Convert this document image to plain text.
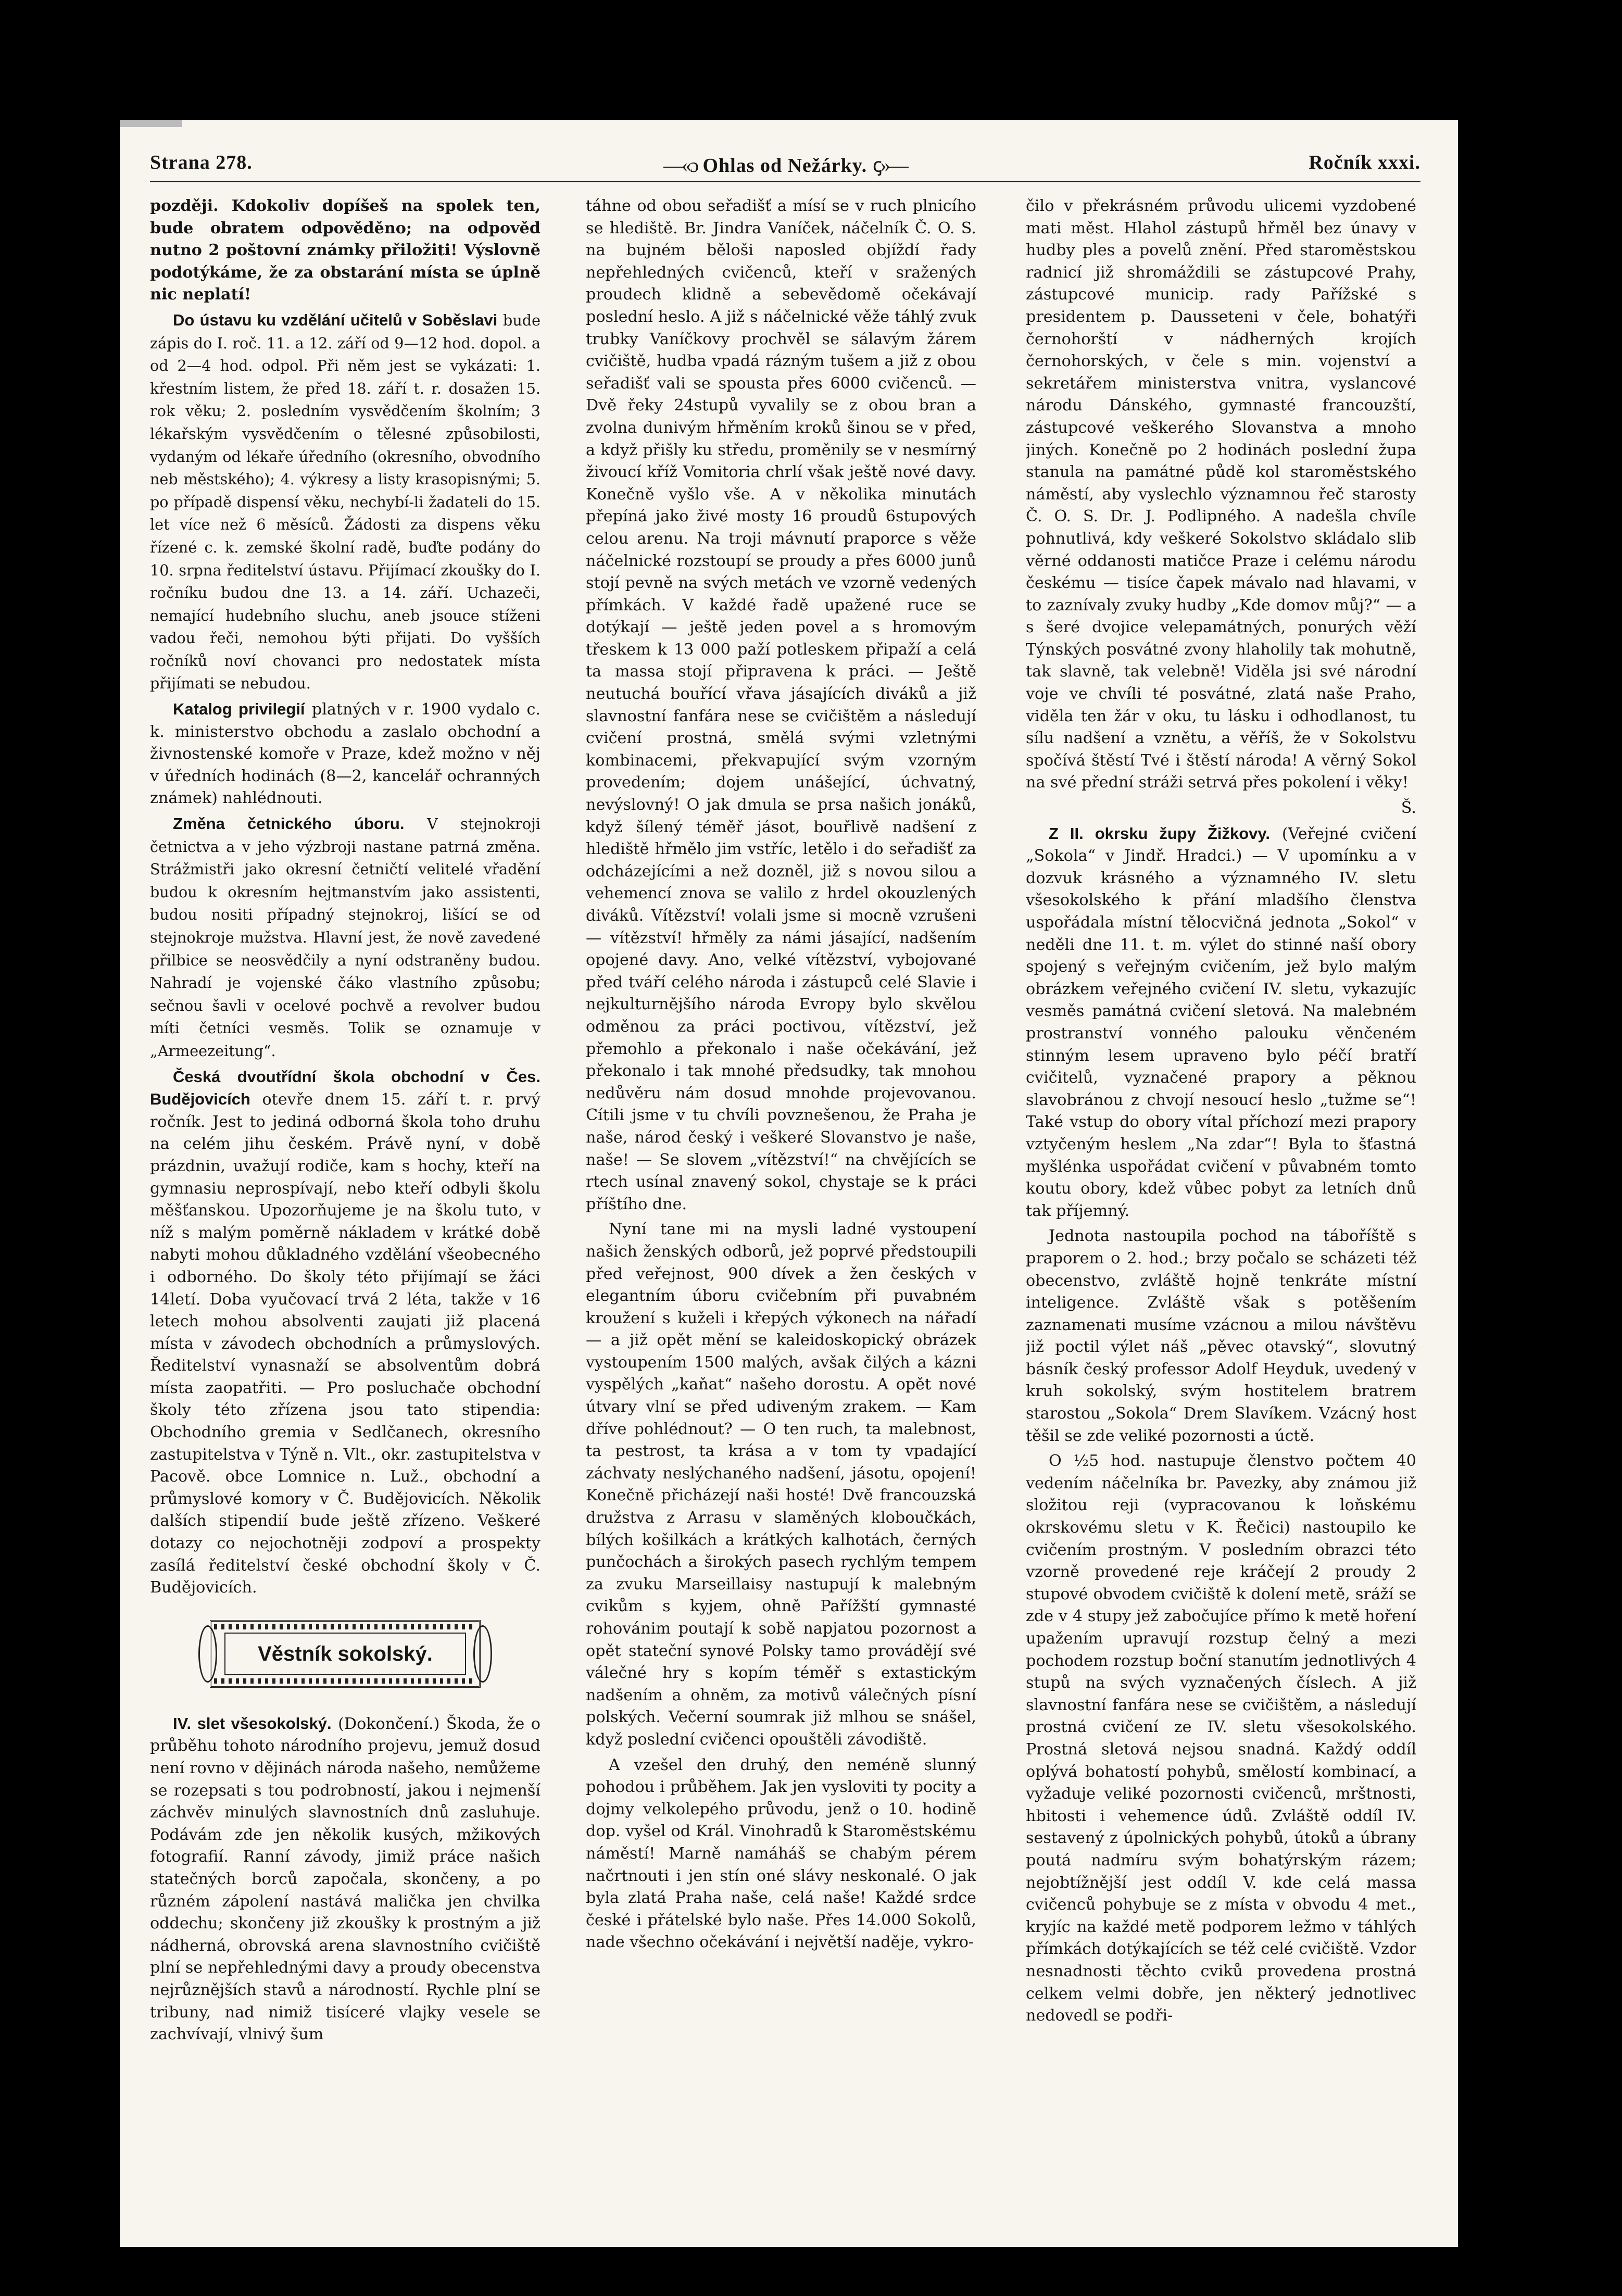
Strana 278.	—«ɔ Ohlas od Nežárky. ꞔ»—	Ročník xxxi.

později. Kdokoliv dopíšeš na spolek ten, bude obratem odpověděno; na odpověď nutno 2 poštovní známky přiložiti! Výslovně podotýkáme, že za obstarání místa se úplně nic neplatí!

Do ústavu ku vzdělání učitelů v Soběslavi bude zápis do I. roč. 11. a 12. září od 9—12 hod. dopol. a od 2—4 hod. odpol. Při něm jest se vykázati: 1. křestním listem, že před 18. září t. r. dosažen 15. rok věku; 2. posledním vysvědčením školním; 3 lékařským vysvědčením o tělesné způsobilosti, vydaným od lékaře úředního (okresního, obvodního neb městského); 4. výkresy a listy krasopisnými; 5. po případě dispensí věku, nechybí-li žadateli do 15. let více než 6 měsíců. Žádosti za dispens věku řízené c. k. zemské školní radě, buďte podány do 10. srpna ředitelství ústavu. Přijímací zkoušky do I. ročníku budou dne 13. a 14. září. Uchazeči, nemající hudebního sluchu, aneb jsouce stíženi vadou řeči, nemohou býti přijati. Do vyšších ročníků noví chovanci pro nedostatek místa přijímati se nebudou.

Katalog privilegií platných v r. 1900 vydalo c. k. ministerstvo obchodu a zaslalo obchodní a živnostenské komoře v Praze, kdež možno v něj v úředních hodinách (8—2, kancelář ochranných známek) nahlédnouti.

Změna četnického úboru. V stejnokroji četnictva a v jeho výzbroji nastane patrná změna. Strážmistři jako okresní četničtí velitelé vřadění budou k okresním hejtmanstvím jako assistenti, budou nositi případný stejnokroj, lišící se od stejnokroje mužstva. Hlavní jest, že nově zavedené přilbice se neosvědčily a nyní odstraněny budou. Nahradí je vojenské čáko vlastního způsobu; sečnou šavli v ocelové pochvě a revolver budou míti četníci vesměs. Tolik se oznamuje v „Armeezeitung“.

Česká dvoutřídní škola obchodní v Čes. Budějovicích otevře dnem 15. září t. r. prvý ročník. Jest to jediná odborná škola toho druhu na celém jihu českém. Právě nyní, v době prázdnin, uvažují rodiče, kam s hochy, kteří na gymnasiu neprospívají, nebo kteří odbyli školu měšťanskou. Upozorňujeme je na školu tuto, v níž s malým poměrně nákladem v krátké době nabyti mohou důkladného vzdělání všeobecného i odborného. Do školy této přijímají se žáci 14letí. Doba vyučovací trvá 2 léta, takže v 16 letech mohou absolventi zaujati již placená místa v závodech obchodních a průmyslových. Ředitelství vynasnaží se absolventům dobrá místa zaopatřiti. — Pro posluchače obchodní školy této zřízena jsou tato stipendia: Obchodního gremia v Sedlčanech, okresního zastupitelstva v Týně n. Vlt., okr. zastupitelstva v Pacově. obce Lomnice n. Luž., obchodní a průmyslové komory v Č. Budějovicích. Několik dalších stipendií bude ještě zřízeno. Veškeré dotazy co nejochotněji zodpoví a prospekty zasílá ředitelství české obchodní školy v Č. Budějovicích.

Věstník sokolský.

IV. slet všesokolský. (Dokončení.) Škoda, že o průběhu tohoto národního projevu, jemuž dosud není rovno v dějinách národa našeho, nemůžeme se rozepsati s tou podrobností, jakou i nejmenší záchvěv minulých slavnostních dnů zasluhuje. Podávám zde jen několik kusých, mžikových fotografií. Ranní závody, jimiž práce našich statečných borců započala, skončeny, a po různém zápolení nastává malička jen chvilka oddechu; skončeny již zkoušky k prostným a již nádherná, obrovská arena slavnostního cvičiště plní se nepřehlednými davy a proudy obecenstva nejrůznějších stavů a národností. Rychle plní se tribuny, nad nimiž tisíceré vlajky vesele se zachvívají, vlnivý šum

táhne od obou seřadišť a mísí se v ruch plnicího se hlediště. Br. Jindra Vaníček, náčelník Č. O. S. na bujném běloši naposled objíždí řady nepřehledných cvičenců, kteří v sražených proudech klidně a sebevědomě očekávají poslední heslo. A již s náčelnické věže táhlý zvuk trubky Vaníčkovy prochvěl se sálavým žárem cvičiště, hudba vpadá rázným tušem a již z obou seřadišť vali se spousta přes 6000 cvičenců. — Dvě řeky 24stupů vyvalily se z obou bran a zvolna dunivým hřměním kroků šinou se v před, a když přišly ku středu, proměnily se v nesmírný živoucí kříž Vomitoria chrlí však ještě nové davy. Konečně vyšlo vše. A v několika minutách přepíná jako živé mosty 16 proudů 6stupových celou arenu. Na troji mávnutí praporce s věže náčelnické rozstoupí se proudy a přes 6000 junů stojí pevně na svých metách ve vzorně vedených přímkách. V každé řadě upažené ruce se dotýkají — ještě jeden povel a s hromovým třeskem k 13 000 paží potleskem připaží a celá ta massa stojí připravena k práci. — Ještě neutuchá bouřící vřava jásajících diváků a již slavnostní fanfára nese se cvičištěm a následují cvičení prostná, smělá svými vzletnými kombinacemi, překvapující svým vzorným provedením; dojem unášející, úchvatný, nevýslovný! O jak dmula se prsa našich jonáků, když šílený téměř jásot, bouřlivě nadšení z hlediště hřmělo jim vstříc, letělo i do seřadišť za odcházejícími a než dozněl, již s novou silou a vehemencí znova se valilo z hrdel okouzlených diváků. Vítězství! volali jsme si mocně vzrušeni — vítězství! hřměly za námi jásající, nadšením opojené davy. Ano, velké vítězství, vybojované před tváří celého národa i zástupců celé Slavie i nejkulturnějšího národa Evropy bylo skvělou odměnou za práci poctivou, vítězství, jež přemohlo a překonalo i naše očekávání, jež překonalo i tak mnohé předsudky, tak mnohou nedůvěru nám dosud mnohde projevovanou. Cítili jsme v tu chvíli povznešenou, že Praha je naše, národ český i veškeré Slovanstvo je naše, naše! — Se slovem „vítězství!“ na chvějících se rtech usínal znavený sokol, chystaje se k práci příštího dne.

Nyní tane mi na mysli ladné vystoupení našich ženských odborů, jež poprvé předstoupili před veřejnost, 900 dívek a žen českých v elegantním úboru cvičebním při puvabném kroužení s kuželi i křepých výkonech na nářadí — a již opět mění se kaleidoskopický obrázek vystoupením 1500 malých, avšak čilých a kázni vyspělých „kaňat“ našeho dorostu. A opět nové útvary vlní se před udiveným zrakem. — Kam dříve pohlédnout? — O ten ruch, ta malebnost, ta pestrost, ta krása a v tom ty vpadající záchvaty neslýchaného nadšení, jásotu, opojení! Konečně přicházejí naši hosté! Dvě francouzská družstva z Arrasu v slaměných kloboučkách, bílých košilkách a krátkých kalhotách, černých punčochách a širokých pasech rychlým tempem za zvuku Marseillaisy nastupují k malebným cvikům s kyjem, ohně Pařížští gymnasté rohovánim poutají k sobě napjatou pozornost a opět stateční synové Polsky tamo provádějí své válečné hry s kopím téměř s extastickým nadšením a ohněm, za motivů válečných písní polských. Večerní soumrak již mlhou se snášel, když poslední cvičenci opouštěli závodiště.

A vzešel den druhý, den neméně slunný pohodou i průběhem. Jak jen vysloviti ty pocity a dojmy velkolepého průvodu, jenž o 10. hodině dop. vyšel od Král. Vinohradů k Staroměstskému náměstí! Marně namáháš se chabým pérem načrtnouti i jen stín oné slávy neskonalé. O jak byla zlatá Praha naše, celá naše! Každé srdce české i přátelské bylo naše. Přes 14.000 Sokolů, nade všechno očekávání i největší naděje, vykro-

čilo v překrásném průvodu ulicemi vyzdobené mati měst. Hlahol zástupů hřměl bez únavy v hudby ples a povelů znění. Před staroměstskou radnicí již shromáždili se zástupcové Prahy, zástupcové municip. rady Pařížské s presidentem p. Dausseteni v čele, bohatýři černohorští v nádherných krojích černohorských, v čele s min. vojenství a sekretářem ministerstva vnitra, vyslancové národu Dánského, gymnasté francouzští, zástupcové veškerého Slovanstva a mnoho jiných. Konečně po 2 hodinách poslední župa stanula na památné půdě kol staroměstského náměstí, aby vyslechlo významnou řeč starosty Č. O. S. Dr. J. Podlipného. A nadešla chvíle pohnutlivá, kdy veškeré Sokolstvo skládalo slib věrné oddanosti matičce Praze i celému národu českému — tisíce čapek mávalo nad hlavami, v to zaznívaly zvuky hudby „Kde domov můj?“ — a s šeré dvojice velepamátných, ponurých věží Týnských posvátné zvony hlaholily tak mohutně, tak slavně, tak velebně! Viděla jsi své národní voje ve chvíli té posvátné, zlatá naše Praho, viděla ten žár v oku, tu lásku i odhodlanost, tu sílu nadšení a vznětu, a věříš, že v Sokolstvu spočívá štěstí Tvé i štěstí národa! A věrný Sokol na své přední stráži setrvá přes pokolení i věky!

Š.

Z II. okrsku župy Žižkovy. (Veřejné cvičení „Sokola“ v Jindř. Hradci.) — V upomínku a v dozvuk krásného a významného IV. sletu všesokolského k přání mladšího členstva uspořádala místní tělocvičná jednota „Sokol“ v neděli dne 11. t. m. výlet do stinné naší obory spojený s veřejným cvičením, jež bylo malým obrázkem veřejného cvičení IV. sletu, vykazujíc vesměs památná cvičení sletová. Na malebném prostranství vonného palouku věnčeném stinným lesem upraveno bylo péčí bratří cvičitelů, vyznačené prapory a pěknou slavobránou z chvojí nesoucí heslo „tužme se“! Také vstup do obory vítal příchozí mezi prapory vztyčeným heslem „Na zdar“! Byla to šťastná myšlénka uspořádat cvičení v půvabném tomto koutu obory, kdež vůbec pobyt za letních dnů tak příjemný.

Jednota nastoupila pochod na táboříště s praporem o 2. hod.; brzy počalo se scházeti též obecenstvo, zvláště hojně tenkráte místní inteligence. Zvláště však s potěšením zaznamenati musíme vzácnou a milou návštěvu již poctil výlet náš „pěvec otavský“, slovutný básník český professor Adolf Heyduk, uvedený v kruh sokolský, svým hostitelem bratrem starostou „Sokola“ Drem Slavíkem. Vzácný host těšil se zde veliké pozornosti a úctě.

O ½5 hod. nastupuje členstvo počtem 40 vedením náčelníka br. Pavezky, aby známou již složitou reji (vypracovanou k loňskému okrskovému sletu v K. Řečici) nastoupilo ke cvičením prostným. V posledním obrazci této vzorně provedené reje kráčejí 2 proudy 2 stupové obvodem cvičiště k dolení metě, sráží se zde v 4 stupy jež zabočujíce přímo k metě hoření upažením upravují rozstup čelný a mezi pochodem rozstup boční stanutím jednotlivých 4 stupů na svých vyznačených číslech. A již slavnostní fanfára nese se cvičištěm, a následují prostná cvičení ze IV. sletu všesokolského. Prostná sletová nejsou snadná. Každý oddíl oplývá bohatostí pohybů, smělostí kombinací, a vyžaduje veliké pozornosti cvičenců, mrštnosti, hbitosti i vehemence údů. Zvláště oddíl IV. sestavený z úpolnických pohybů, útoků a úbrany poutá nadmíru svým bohatýrským rázem; nejobtížnější jest oddíl V. kde celá massa cvičenců pohybuje se z místa v obvodu 4 met., kryjíc na každé metě podporem ležmo v táhlých přímkách dotýkajících se též celé cvičiště. Vzdor nesnadnosti těchto cviků provedena prostná celkem velmi dobře, jen některý jednotlivec nedovedl se podři-
